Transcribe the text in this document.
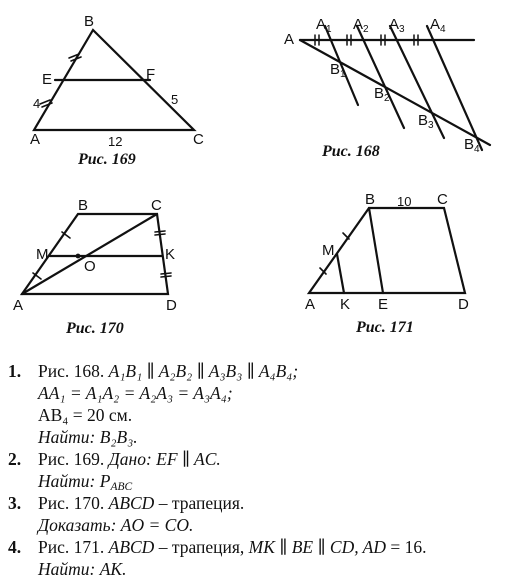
B
E	F
A	C
4	5
12
Рис. 169
A
$A_1$ $A_2$ $A_3$ $A_4$
$B_1$
$B_2$
$B_3$
$B_4$
Рис. 168
B	C
M	K
O
A	D
Рис. 170
B	C
10
M
A K E	D
Рис. 171
1. Рис. 168. A₁B₁ ∥ A₂B₂ ∥ A₃B₃ ∥ A₄B₄;
AA₁ = A₁A₂ = A₂A₃ = A₃A₄;
AB₄ = 20 см.
Найти: B₂B₃.
2. Рис. 169. Дано: EF ∥ AC.
Найти: $P_{ABC}$
3. Рис. 170. ABCD – трапеция.
Доказать: AO = CO.
4. Рис. 171. ABCD – трапеция, MK ∥ BE ∥ CD, AD = 16.
Найти: AK.
